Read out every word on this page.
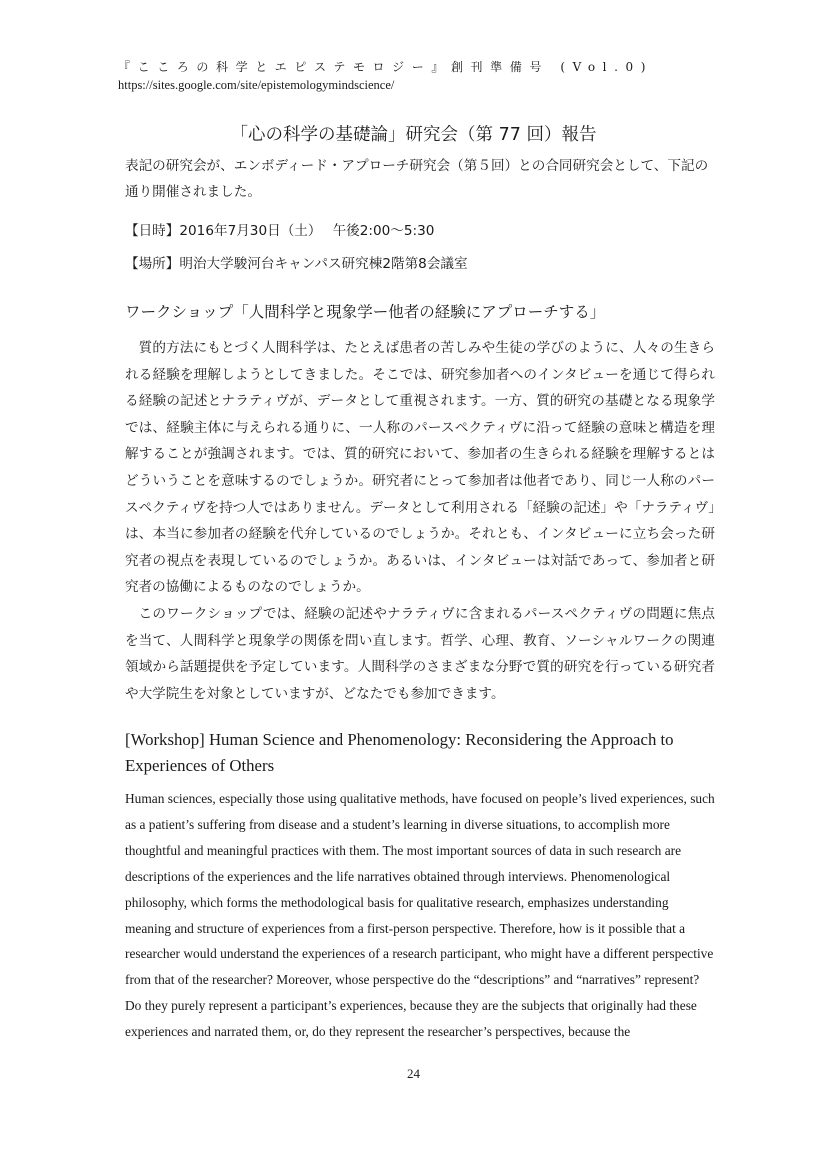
『こころの科学とエピステモロジー』創刊準備号 (Vol.0)
https://sites.google.com/site/epistemologymindscience/
「心の科学の基礎論」研究会（第 77 回）報告

表記の研究会が、エンボディード・アプローチ研究会（第５回）との合同研究会として、下記の通り開催されました。

【日時】2016年7月30日（土）　 午後2:00〜5:30
【場所】明治大学駿河台キャンパス研究棟2階第8会議室
ワークショップ「人間科学と現象学ー他者の経験にアプローチする」

質的方法にもとづく人間科学は、たとえば患者の苦しみや生徒の学びのように、人々の生きられる経験を理解しようとしてきました。そこでは、研究参加者へのインタビューを通じて得られる経験の記述とナラティヴが、データとして重視されます。一方、質的研究の基礎となる現象学では、経験主体に与えられる通りに、一人称のパースペクティヴに沿って経験の意味と構造を理解することが強調されます。では、質的研究において、参加者の生きられる経験を理解するとはどういうことを意味するのでしょうか。研究者にとって参加者は他者であり、同じ一人称のパースペクティヴを持つ人ではありません。データとして利用される「経験の記述」や「ナラティヴ」は、本当に参加者の経験を代弁しているのでしょうか。それとも、インタビューに立ち会った研究者の視点を表現しているのでしょうか。あるいは、インタビューは対話であって、参加者と研究者の協働によるものなのでしょうか。

このワークショップでは、経験の記述やナラティヴに含まれるパースペクティヴの問題に焦点を当て、人間科学と現象学の関係を問い直します。哲学、心理、教育、ソーシャルワークの関連領域から話題提供を予定しています。人間科学のさまざまな分野で質的研究を行っている研究者や大学院生を対象としていますが、どなたでも参加できます。

[Workshop] Human Science and Phenomenology: Reconsidering the Approach to Experiences of Others

Human sciences, especially those using qualitative methods, have focused on people’s lived experiences, such as a patient’s suffering from disease and a student’s learning in diverse situations, to accomplish more thoughtful and meaningful practices with them. The most important sources of data in such research are descriptions of the experiences and the life narratives obtained through interviews. Phenomenological philosophy, which forms the methodological basis for qualitative research, emphasizes understanding meaning and structure of experiences from a first-person perspective. Therefore, how is it possible that a researcher would understand the experiences of a research participant, who might have a different perspective from that of the researcher? Moreover, whose perspective do the “descriptions” and “narratives” represent? Do they purely represent a participant’s experiences, because they are the subjects that originally had these experiences and narrated them, or, do they represent the researcher’s perspectives, because the

24
